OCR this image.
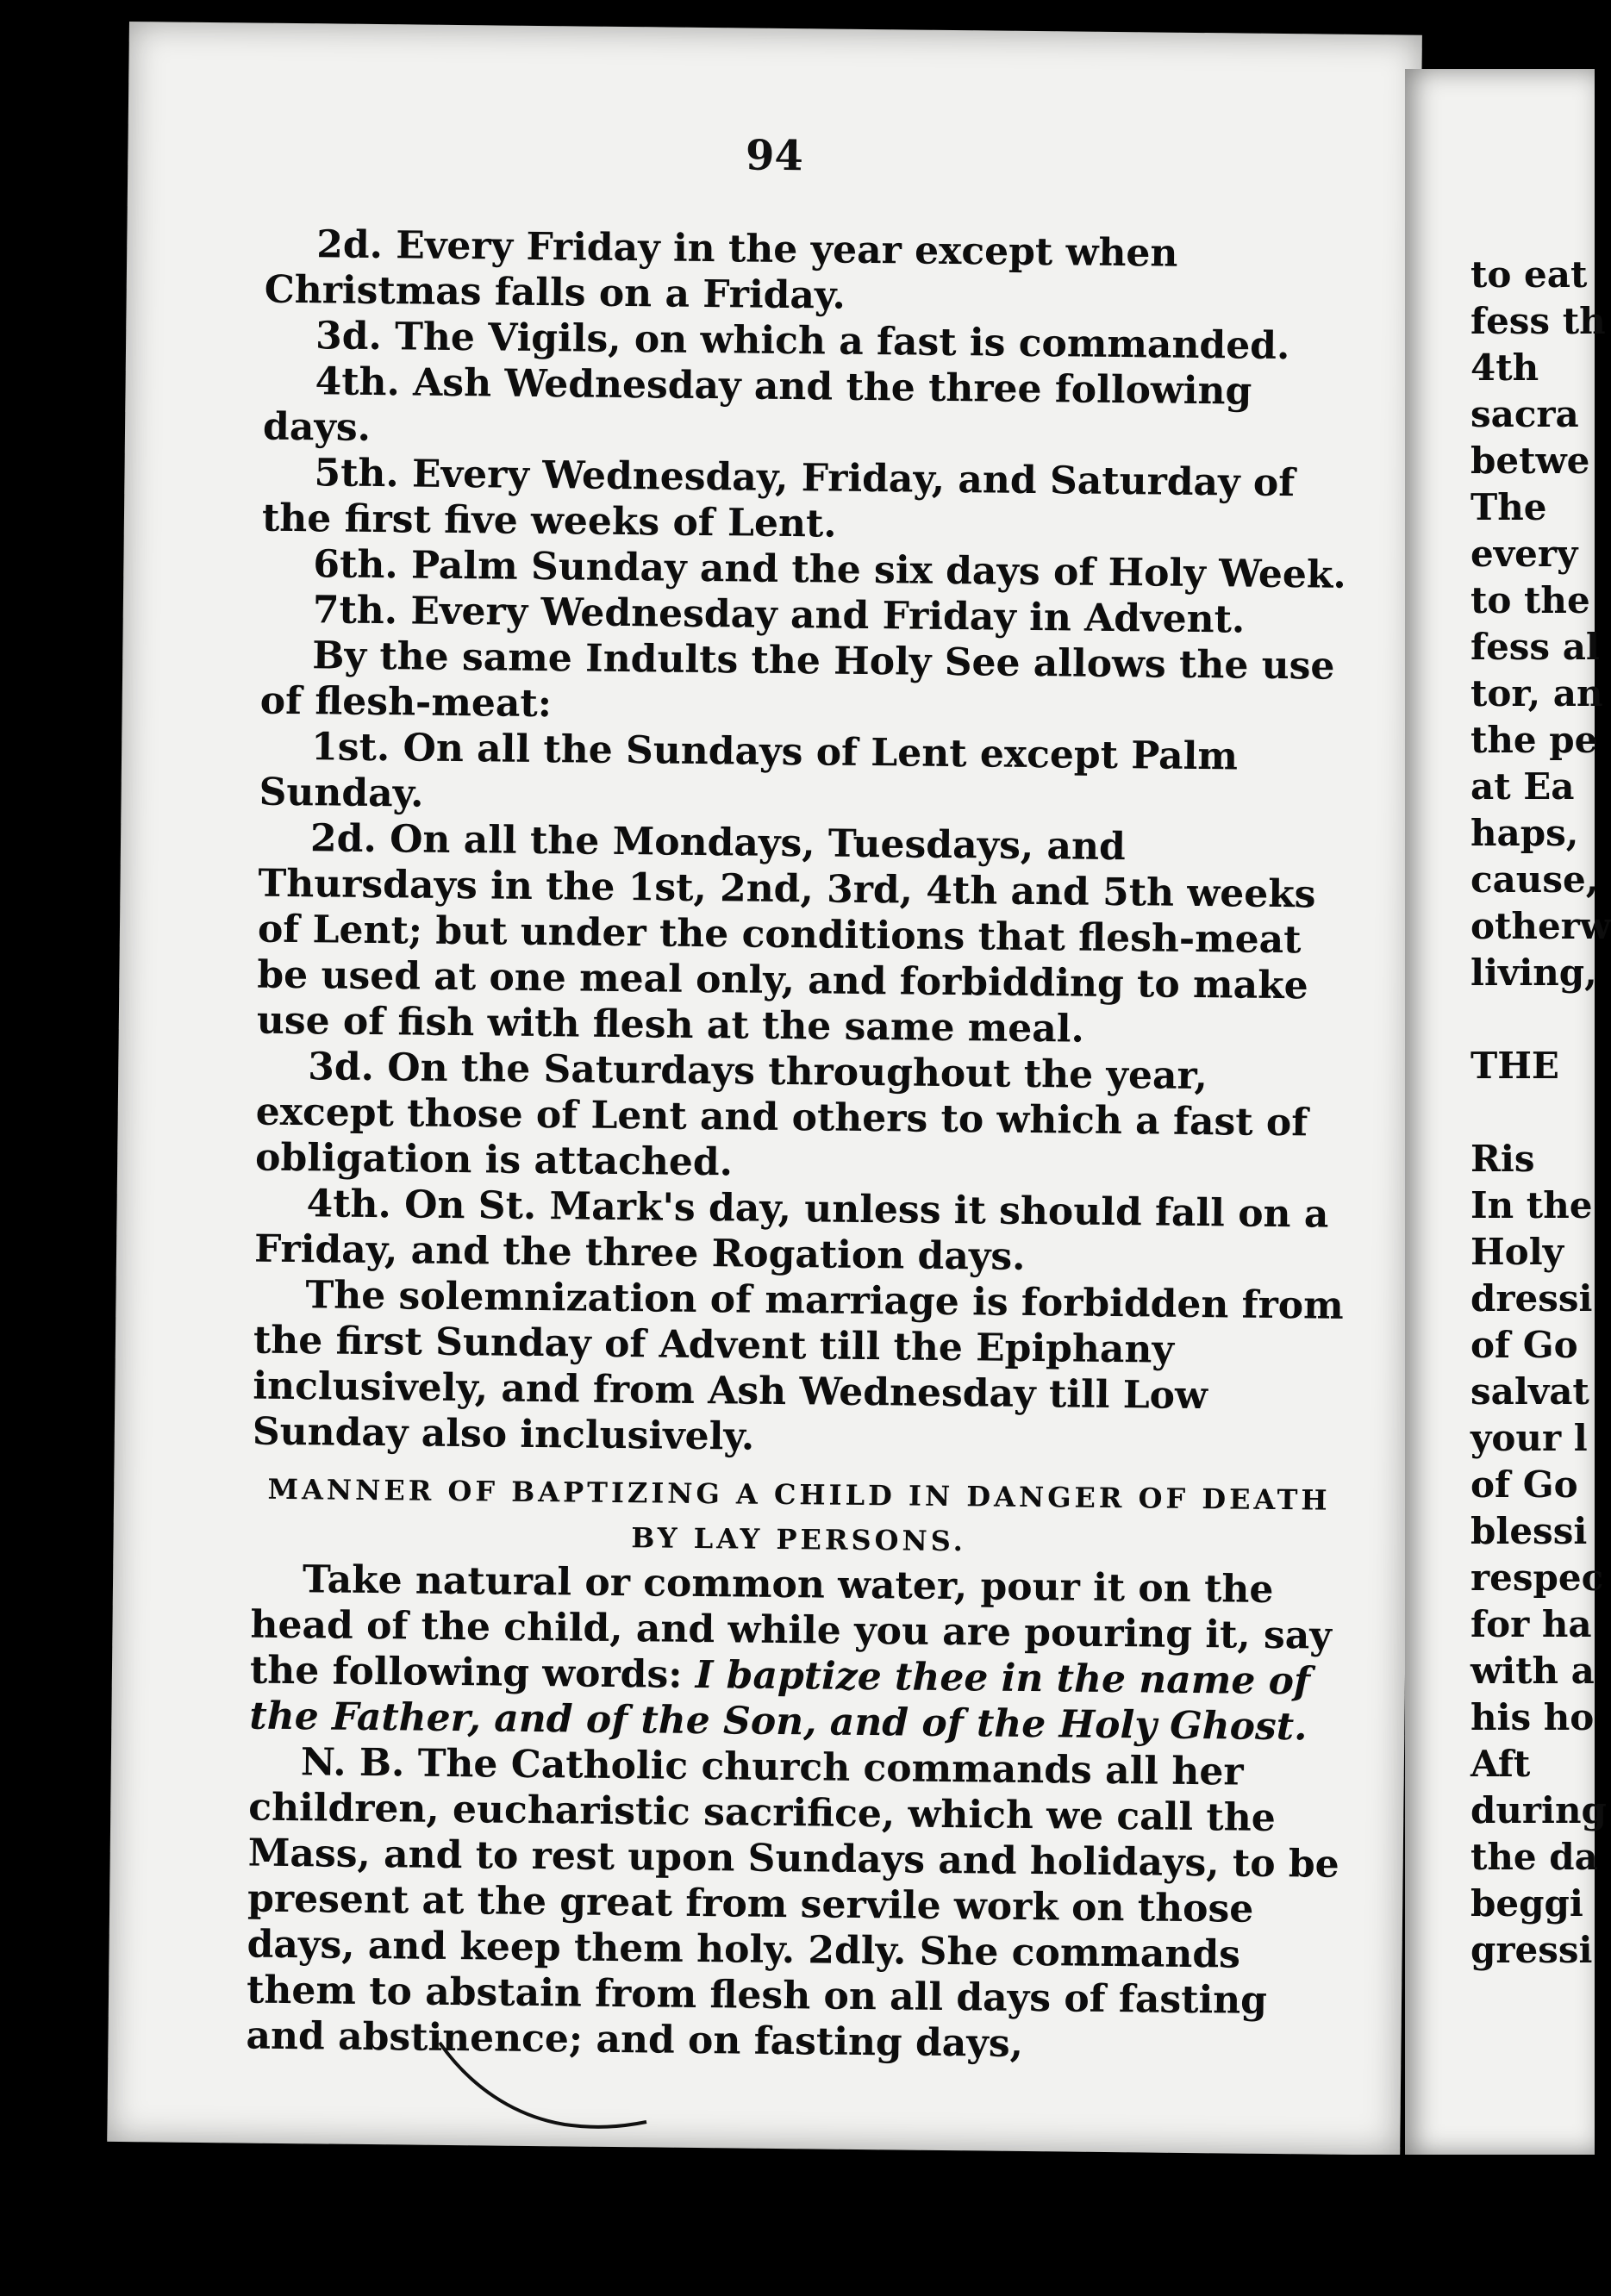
94

2d. Every Friday in the year except when Christmas falls on a Friday.

3d. The Vigils, on which a fast is commanded.

4th. Ash Wednesday and the three following days.

5th. Every Wednesday, Friday, and Saturday of the first five weeks of Lent.

6th. Palm Sunday and the six days of Holy Week.

7th. Every Wednesday and Friday in Advent.

By the same Indults the Holy See allows the use of flesh-meat:

1st. On all the Sundays of Lent except Palm Sunday.

2d. On all the Mondays, Tuesdays, and Thursdays in the 1st, 2nd, 3rd, 4th and 5th weeks of Lent; but under the conditions that flesh-meat be used at one meal only, and forbidding to make use of fish with flesh at the same meal.

3d. On the Saturdays throughout the year, except those of Lent and others to which a fast of obligation is attached.

4th. On St. Mark's day, unless it should fall on a Friday, and the three Rogation days.

The solemnization of marriage is forbidden from the first Sunday of Advent till the Epiphany inclusively, and from Ash Wednesday till Low Sunday also inclusively.

MANNER OF BAPTIZING A CHILD IN DANGER OF DEATH BY LAY PERSONS.

Take natural or common water, pour it on the head of the child, and while you are pouring it, say the following words: I baptize thee in the name of the Father, and of the Son, and of the Holy Ghost.

N. B. The Catholic church commands all her children, eucharistic sacrifice, which we call the Mass, and to rest upon Sundays and holidays, to be present at the great from servile work on those days, and keep them holy. 2dly. She commands them to abstain from flesh on all days of fasting and abstinence; and on fasting days,

to eat
fess th
4th
sacra
betwe
The
every
to the
fess al
tor, an
the pe
at Ea
haps,
cause,
otherw
living,
THE
Ris
In the
Holy
dressi
of Go
salvat
your l
of Go
blessi
respec
for ha
with a
his ho
Aft
during
the da
beggi
gressi
